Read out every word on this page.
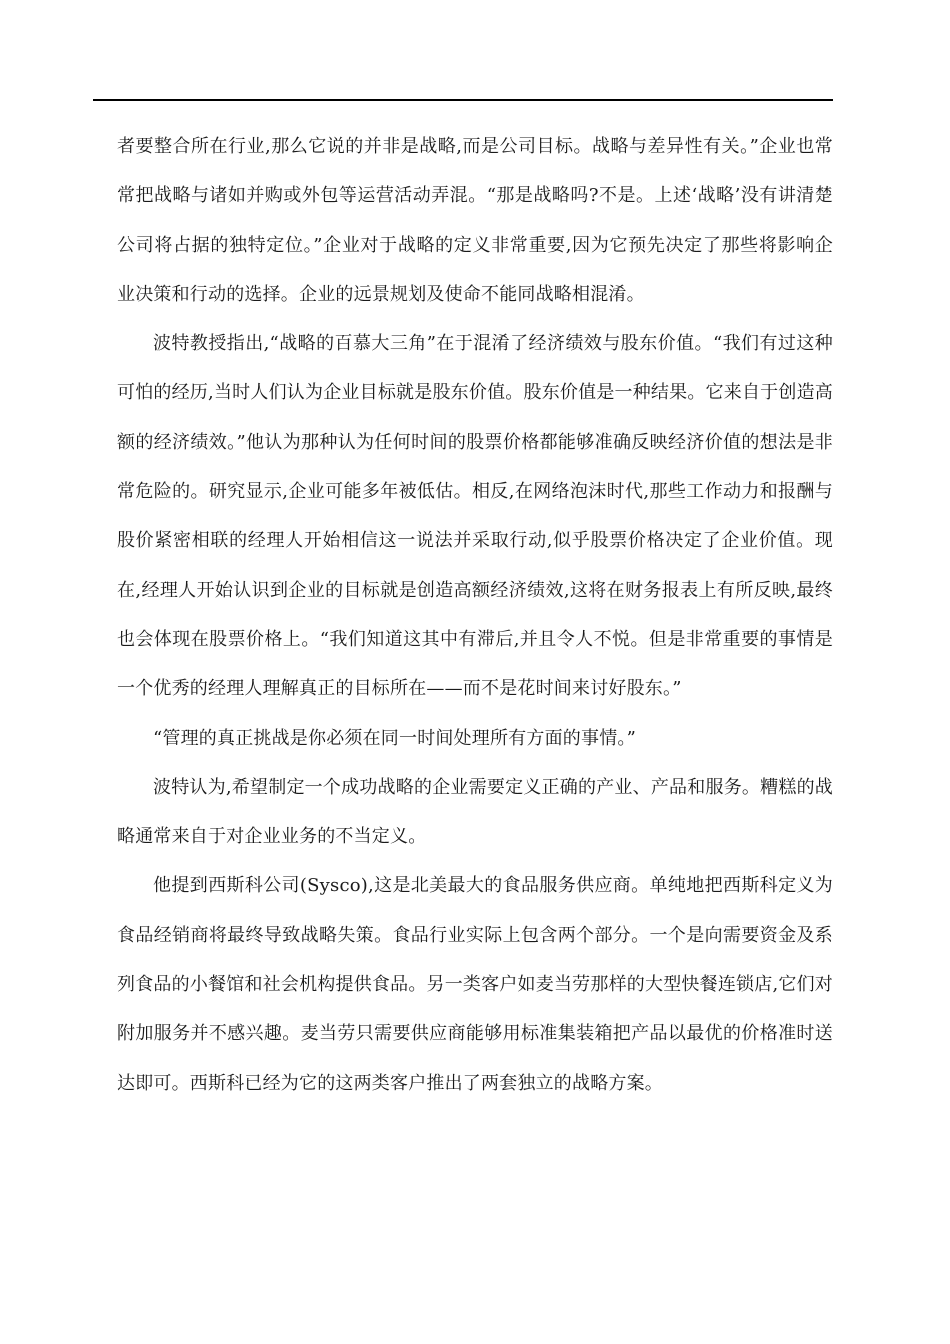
者要整合所在行业,那么它说的并非是战略,而是公司目标。战略与差异性有关。”企业也常常把战略与诸如并购或外包等运营活动弄混。“那是战略吗?不是。上述‘战略’没有讲清楚公司将占据的独特定位。”企业对于战略的定义非常重要,因为它预先决定了那些将影响企业决策和行动的选择。企业的远景规划及使命不能同战略相混淆。

波特教授指出,“战略的百慕大三角”在于混淆了经济绩效与股东价值。“我们有过这种可怕的经历,当时人们认为企业目标就是股东价值。股东价值是一种结果。它来自于创造高额的经济绩效。”他认为那种认为任何时间的股票价格都能够准确反映经济价值的想法是非常危险的。研究显示,企业可能多年被低估。相反,在网络泡沫时代,那些工作动力和报酬与股价紧密相联的经理人开始相信这一说法并采取行动,似乎股票价格决定了企业价值。现在,经理人开始认识到企业的目标就是创造高额经济绩效,这将在财务报表上有所反映,最终也会体现在股票价格上。“我们知道这其中有滞后,并且令人不悦。但是非常重要的事情是一个优秀的经理人理解真正的目标所在——而不是花时间来讨好股东。”

“管理的真正挑战是你必须在同一时间处理所有方面的事情。”

波特认为,希望制定一个成功战略的企业需要定义正确的产业、产品和服务。糟糕的战略通常来自于对企业业务的不当定义。

他提到西斯科公司(Sysco),这是北美最大的食品服务供应商。单纯地把西斯科定义为食品经销商将最终导致战略失策。食品行业实际上包含两个部分。一个是向需要资金及系列食品的小餐馆和社会机构提供食品。另一类客户如麦当劳那样的大型快餐连锁店,它们对附加服务并不感兴趣。麦当劳只需要供应商能够用标准集装箱把产品以最优的价格准时送达即可。西斯科已经为它的这两类客户推出了两套独立的战略方案。
